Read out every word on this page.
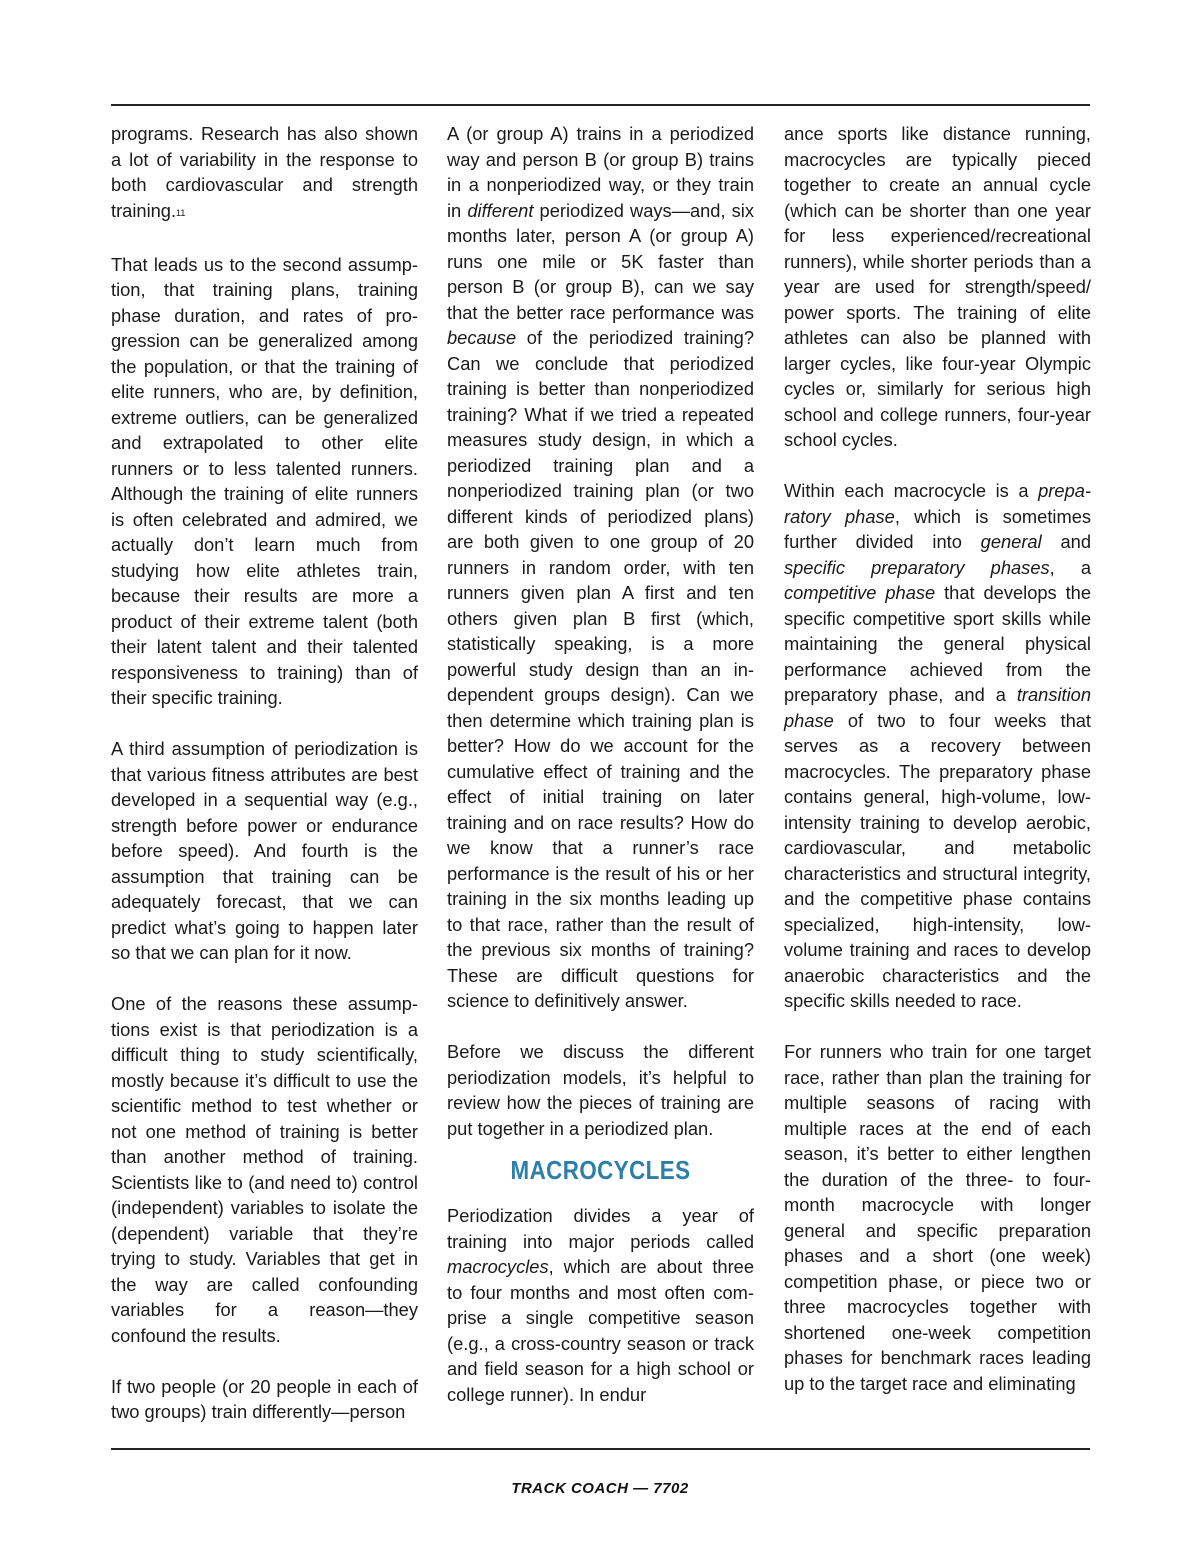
programs. Research has also shown a lot of variability in the response to both cardiovascular and strength training.11

That leads us to the second assumption, that training plans, training phase duration, and rates of progression can be generalized among the population, or that the training of elite runners, who are, by definition, extreme outliers, can be generalized and extrapolated to other elite runners or to less talented runners. Although the training of elite runners is often celebrated and admired, we actually don’t learn much from studying how elite athletes train, because their results are more a product of their extreme talent (both their latent talent and their talented responsiveness to training) than of their specific training.

A third assumption of periodization is that various fitness attributes are best developed in a sequential way (e.g., strength before power or endurance before speed). And fourth is the assumption that training can be adequately forecast, that we can predict what’s going to happen later so that we can plan for it now.

One of the reasons these assumptions exist is that periodization is a difficult thing to study scientifically, mostly because it’s difficult to use the scientific method to test whether or not one method of training is better than another method of training. Scientists like to (and need to) control (independent) variables to isolate the (dependent) variable that they’re trying to study. Variables that get in the way are called confounding variables for a reason—they confound the results.

If two people (or 20 people in each of two groups) train differently—person

A (or group A) trains in a periodized way and person B (or group B) trains in a nonperiodized way, or they train in different periodized ways—and, six months later, person A (or group A) runs one mile or 5K faster than person B (or group B), can we say that the better race performance was because of the periodized training? Can we conclude that periodized training is better than nonperiodized training? What if we tried a repeated measures study design, in which a periodized training plan and a nonperiodized training plan (or two different kinds of periodized plans) are both given to one group of 20 runners in random order, with ten runners given plan A first and ten others given plan B first (which, statistically speaking, is a more powerful study design than an independent groups design). Can we then determine which training plan is better? How do we account for the cumulative effect of training and the effect of initial training on later training and on race results? How do we know that a runner’s race performance is the result of his or her training in the six months leading up to that race, rather than the result of the previous six months of training? These are difficult questions for science to definitively answer.

Before we discuss the different periodization models, it’s helpful to review how the pieces of training are put together in a periodized plan.

MACROCYCLES

Periodization divides a year of training into major periods called macrocycles, which are about three to four months and most often comprise a single competitive season (e.g., a cross-country season or track and field season for a high school or college runner). In endur

ance sports like distance running, macrocycles are typically pieced together to create an annual cycle (which can be shorter than one year for less experienced/recreational runners), while shorter periods than a year are used for strength/speed/ power sports. The training of elite athletes can also be planned with larger cycles, like four-year Olympic cycles or, similarly for serious high school and college runners, four-year school cycles.

Within each macrocycle is a preparatory phase, which is sometimes further divided into general and specific preparatory phases, a competitive phase that develops the specific competitive sport skills while maintaining the general physical performance achieved from the preparatory phase, and a transition phase of two to four weeks that serves as a recovery between macrocycles. The preparatory phase contains general, high-volume, low-intensity training to develop aerobic, cardiovascular, and metabolic characteristics and structural integrity, and the competitive phase contains specialized, high-intensity, low-volume training and races to develop anaerobic characteristics and the specific skills needed to race.

For runners who train for one target race, rather than plan the training for multiple seasons of racing with multiple races at the end of each season, it’s better to either lengthen the duration of the three- to four-month macrocycle with longer general and specific preparation phases and a short (one week) competition phase, or piece two or three macrocycles together with shortened one-week competition phases for benchmark races leading up to the target race and eliminating

TRACK COACH — 7702
